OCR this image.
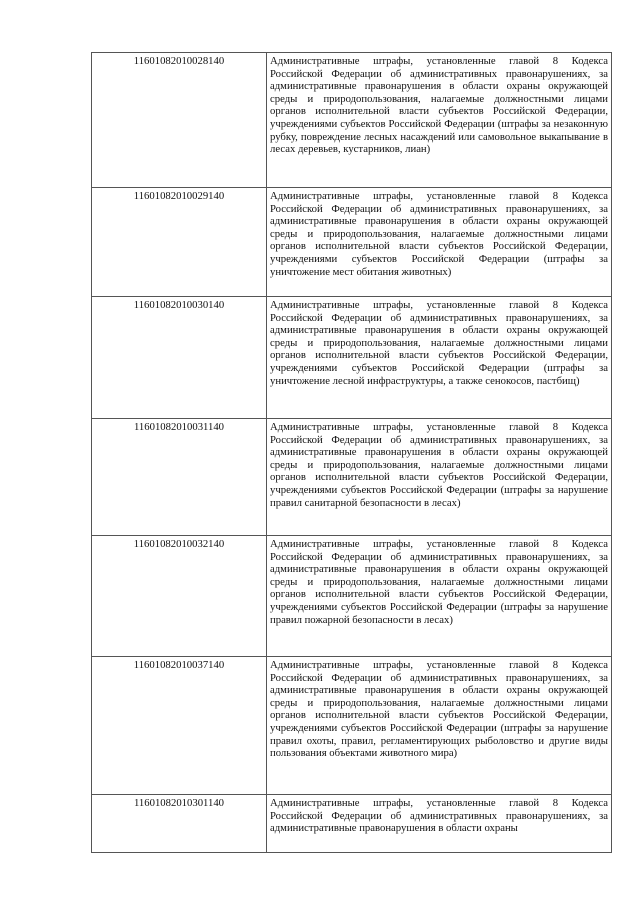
11601082010028140	Административные штрафы, установленные главой 8 Кодекса Российской Федерации об административных правонарушениях, за административные правонарушения в области охраны окружающей среды и природопользования, налагаемые должностными лицами органов исполнительной власти субъектов Российской Федерации, учреждениями субъектов Российской Федерации (штрафы за незаконную рубку, повреждение лесных насаждений или самовольное выкапывание в лесах деревьев, кустарников, лиан)
11601082010029140	Административные штрафы, установленные главой 8 Кодекса Российской Федерации об административных правонарушениях, за административные правонарушения в области охраны окружающей среды и природопользования, налагаемые должностными лицами органов исполнительной власти субъектов Российской Федерации, учреждениями субъектов Российской Федерации (штрафы за уничтожение мест обитания животных)
11601082010030140	Административные штрафы, установленные главой 8 Кодекса Российской Федерации об административных правонарушениях, за административные правонарушения в области охраны окружающей среды и природопользования, налагаемые должностными лицами органов исполнительной власти субъектов Российской Федерации, учреждениями субъектов Российской Федерации (штрафы за уничтожение лесной инфраструктуры, а также сенокосов, пастбищ)
11601082010031140	Административные штрафы, установленные главой 8 Кодекса Российской Федерации об административных правонарушениях, за административные правонарушения в области охраны окружающей среды и природопользования, налагаемые должностными лицами органов исполнительной власти субъектов Российской Федерации, учреждениями субъектов Российской Федерации (штрафы за нарушение правил санитарной безопасности в лесах)
11601082010032140	Административные штрафы, установленные главой 8 Кодекса Российской Федерации об административных правонарушениях, за административные правонарушения в области охраны окружающей среды и природопользования, налагаемые должностными лицами органов исполнительной власти субъектов Российской Федерации, учреждениями субъектов Российской Федерации (штрафы за нарушение правил пожарной безопасности в лесах)
11601082010037140	Административные штрафы, установленные главой 8 Кодекса Российской Федерации об административных правонарушениях, за административные правонарушения в области охраны окружающей среды и природопользования, налагаемые должностными лицами органов исполнительной власти субъектов Российской Федерации, учреждениями субъектов Российской Федерации (штрафы за нарушение правил охоты, правил, регламентирующих рыболовство и другие виды пользования объектами животного мира)
11601082010301140	Административные штрафы, установленные главой 8 Кодекса Российской Федерации об административных правонарушениях, за административные правонарушения в области охраны
